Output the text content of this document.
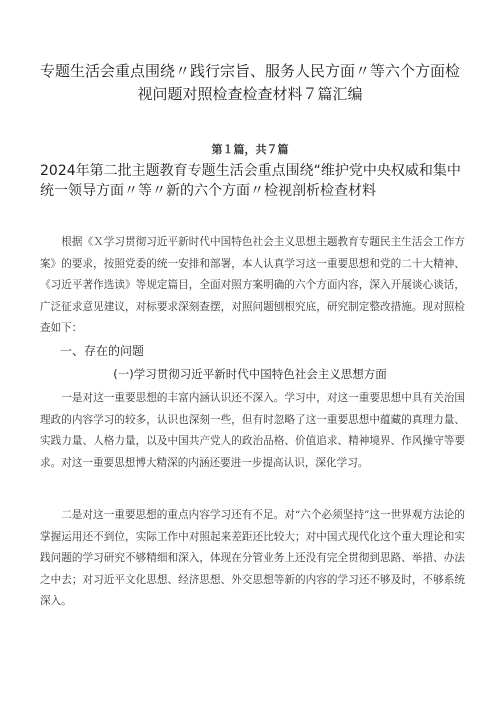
专题生活会重点围绕〃践行宗旨、服务人民方面〃等六个方面检视问题对照检查检查材料７篇汇编
第１篇，共７篇
2024年第二批主题教育专题生活会重点围绕“维护党中央权威和集中统一领导方面〃等〃新的六个方面〃检视剖析检查材料

根据《Ｘ学习贯彻习近平新时代中国特色社会主义思想主题教育专题民主生活会工作方案》的要求，按照党委的统一安排和部署，本人认真学习这一重要思想和党的二十大精神、《习近平著作选读》等规定篇目，全面对照方案明确的六个方面内容，深入开展谈心谈话，广泛征求意见建议，对标要求深刻查摆，对照问题刨根究底，研究制定整改措施。现对照检查如下：

一、存在的问题
(一)学习贯彻习近平新时代中国特色社会主义思想方面

一是对这一重要思想的丰富内涵认识还不深入。学习中，对这一重要思想中具有关治国理政的内容学习的较多，认识也深刻一些，但有时忽略了这一重要思想中蕴藏的真理力量、实践力量、人格力量，以及中国共产党人的政治品格、价值追求、精神境界、作风操守等要求。对这一重要思想博大精深的内涵还要进一步提高认识，深化学习。

二是对这一重要思想的重点内容学习还有不足。对“六个必须坚持”这一世界观方法论的掌握运用还不到位，实际工作中对照起来差距还比较大；对中国式现代化这个重大理论和实践问题的学习研究不够精细和深入，体现在分管业务上还没有完全贯彻到思路、举措、办法之中去；对习近平文化思想、经济思想、外交思想等新的内容的学习还不够及时，不够系统深入。
